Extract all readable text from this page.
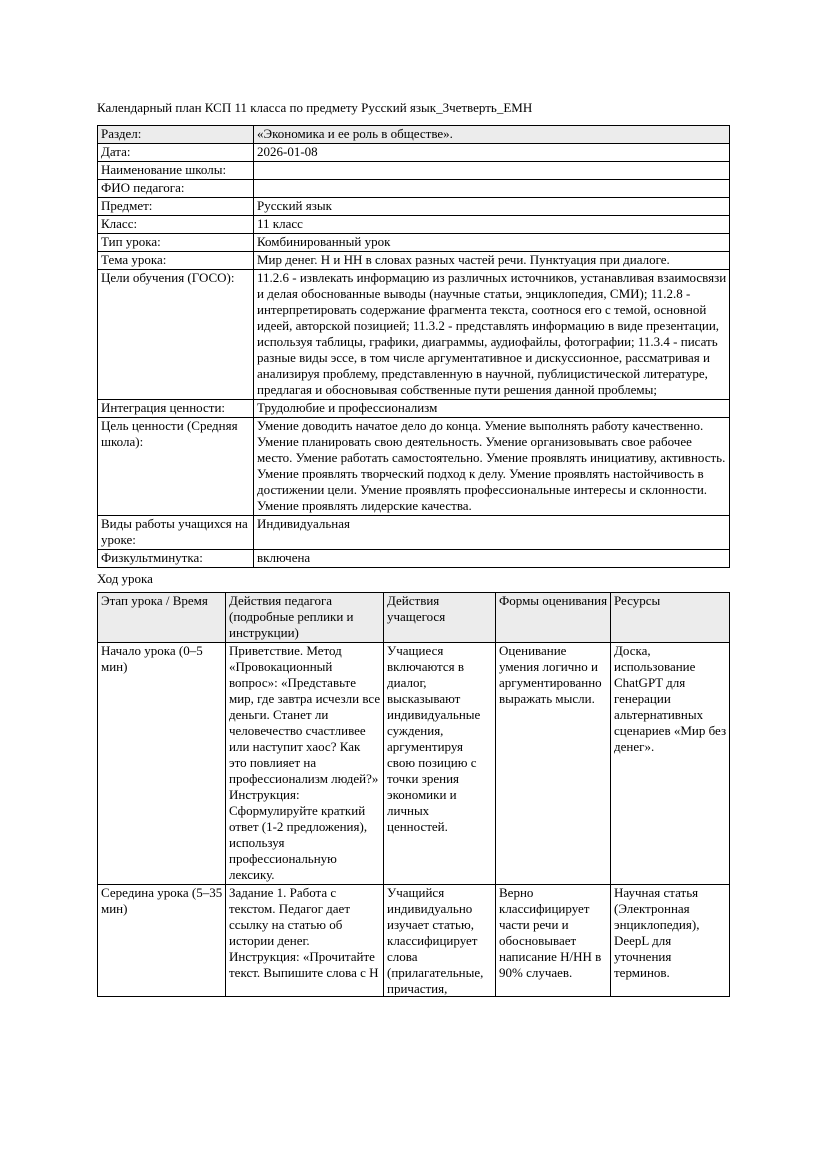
Календарный план КСП 11 класса по предмету Русский язык_3четверть_ЕМН

Раздел:	«Экономика и ее роль в обществе».
Дата:	2026-01-08
Наименование школы:	
ФИО педагога:	
Предмет:	Русский язык
Класс:	11 класс
Тип урока:	Комбинированный урок
Тема урока:	Мир денег. Н и НН в словах разных частей речи. Пунктуация при диалоге.
Цели обучения (ГОСО):	11.2.6 - извлекать информацию из различных источников, устанавливая взаимосвязи и делая обоснованные выводы (научные статьи, энциклопедия, СМИ); 11.2.8 - интерпретировать содержание фрагмента текста, соотнося его с темой, основной идеей, авторской позицией; 11.3.2 - представлять информацию в виде презентации, используя таблицы, графики, диаграммы, аудиофайлы, фотографии; 11.3.4 - писать разные виды эссе, в том числе аргументативное и дискуссионное, рассматривая и анализируя проблему, представленную в научной, публицистической литературе, предлагая и обосновывая собственные пути решения данной проблемы;
Интеграция ценности:	Трудолюбие и профессионализм
Цель ценности (Средняя школа):	Умение доводить начатое дело до конца. Умение выполнять работу качественно. Умение планировать свою деятельность. Умение организовывать свое рабочее место. Умение работать самостоятельно. Умение проявлять инициативу, активность. Умение проявлять творческий подход к делу. Умение проявлять настойчивость в достижении цели. Умение проявлять профессиональные интересы и склонности. Умение проявлять лидерские качества.
Виды работы учащихся на уроке:	Индивидуальная
Физкультминутка:	включена

Ход урока

Этап урока / Время	Действия педагога (подробные реплики и инструкции)	Действия учащегося	Формы оценивания	Ресурсы
Начало урока (0–5 мин)	Приветствие. Метод «Провокационный вопрос»: «Представьте мир, где завтра исчезли все деньги. Станет ли человечество счастливее или наступит хаос? Как это повлияет на профессионализм людей?» Инструкция: Сформулируйте краткий ответ (1-2 предложения), используя профессиональную лексику.	Учащиеся включаются в диалог, высказывают индивидуальные суждения, аргументируя свою позицию с точки зрения экономики и личных ценностей.	Оценивание умения логично и аргументированно выражать мысли.	Доска, использование ChatGPT для генерации альтернативных сценариев «Мир без денег».

Середина урока (5–35 мин)	Задание 1. Работа с текстом. Педагог дает ссылку на статью об истории денег. Инструкция: «Прочитайте текст. Выпишите слова с Н	Учащийся индивидуально изучает статью, классифицирует слова (прилагательные, причастия,	Верно классифицирует части речи и обосновывает написание Н/НН в 90% случаев.	Научная статья (Электронная энциклопедия), DeepL для уточнения терминов.
